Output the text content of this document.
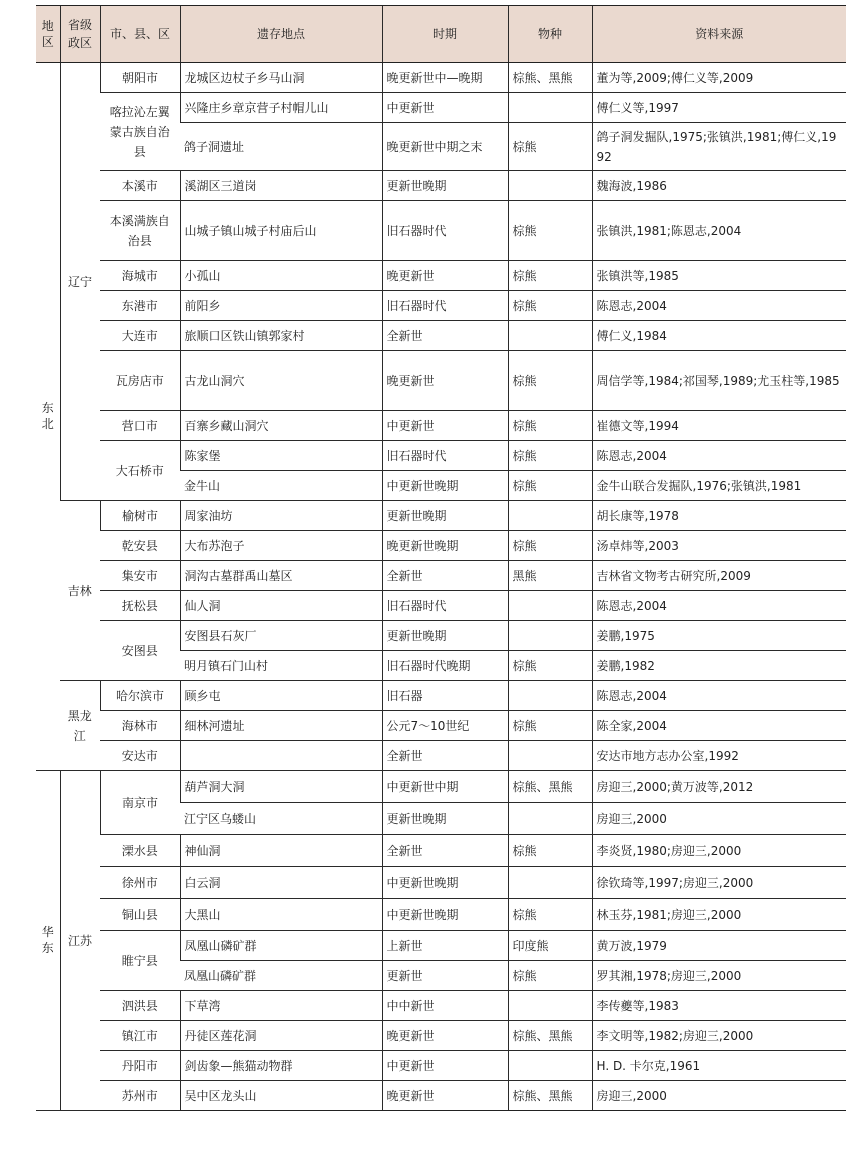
地区	省级政区	市、县、区	遗存地点	时期	物种	资料来源
东北	辽宁	朝阳市	龙城区边杖子乡马山洞	晚更新世中—晚期	棕熊、黑熊	董为等,2009;傅仁义等,2009
		喀拉沁左翼蒙古族自治县	兴隆庄乡章京营子村帽儿山	中更新世		傅仁义等,1997
			鸽子洞遗址	晚更新世中期之末	棕熊	鸽子洞发掘队,1975;张镇洪,1981;傅仁义,1992
		本溪市	溪湖区三道岗	更新世晚期		魏海波,1986
		本溪满族自治县	山城子镇山城子村庙后山	旧石器时代	棕熊	张镇洪,1981;陈恩志,2004
		海城市	小孤山	晚更新世	棕熊	张镇洪等,1985
		东港市	前阳乡	旧石器时代	棕熊	陈恩志,2004
		大连市	旅顺口区铁山镇郭家村	全新世		傅仁义,1984
		瓦房店市	古龙山洞穴	晚更新世	棕熊	周信学等,1984;祁国琴,1989;尤玉柱等,1985
		营口市	百寨乡藏山洞穴	中更新世	棕熊	崔德文等,1994
		大石桥市	陈家堡	旧石器时代	棕熊	陈恩志,2004
			金牛山	中更新世晚期	棕熊	金牛山联合发掘队,1976;张镇洪,1981
	吉林	榆树市	周家油坊	更新世晚期		胡长康等,1978
		乾安县	大布苏泡子	晚更新世晚期	棕熊	汤卓炜等,2003
		集安市	洞沟古墓群禹山墓区	全新世	黑熊	吉林省文物考古研究所,2009
		抚松县	仙人洞	旧石器时代		陈恩志,2004
		安图县	安图县石灰厂	更新世晚期		姜鹏,1975
			明月镇石门山村	旧石器时代晚期	棕熊	姜鹏,1982
	黑龙江	哈尔滨市	顾乡屯	旧石器		陈恩志,2004
		海林市	细林河遗址	公元7～10世纪	棕熊	陈全家,2004
		安达市		全新世		安达市地方志办公室,1992
华东	江苏	南京市	葫芦洞大洞	中更新世中期	棕熊、黑熊	房迎三,2000;黄万波等,2012
			江宁区乌蝼山	更新世晚期		房迎三,2000
		溧水县	神仙洞	全新世	棕熊	李炎贤,1980;房迎三,2000
		徐州市	白云洞	中更新世晚期		徐钦琦等,1997;房迎三,2000
		铜山县	大黑山	中更新世晚期	棕熊	林玉芬,1981;房迎三,2000
		睢宁县	凤凰山磷矿群	上新世	印度熊	黄万波,1979
			凤凰山磷矿群	更新世	棕熊	罗其湘,1978;房迎三,2000
		泗洪县	下草湾	中中新世		李传夔等,1983
		镇江市	丹徒区莲花洞	晚更新世	棕熊、黑熊	李文明等,1982;房迎三,2000
		丹阳市	剑齿象—熊猫动物群	中更新世		H. D. 卡尔克,1961
		苏州市	吴中区龙头山	晚更新世	棕熊、黑熊	房迎三,2000
